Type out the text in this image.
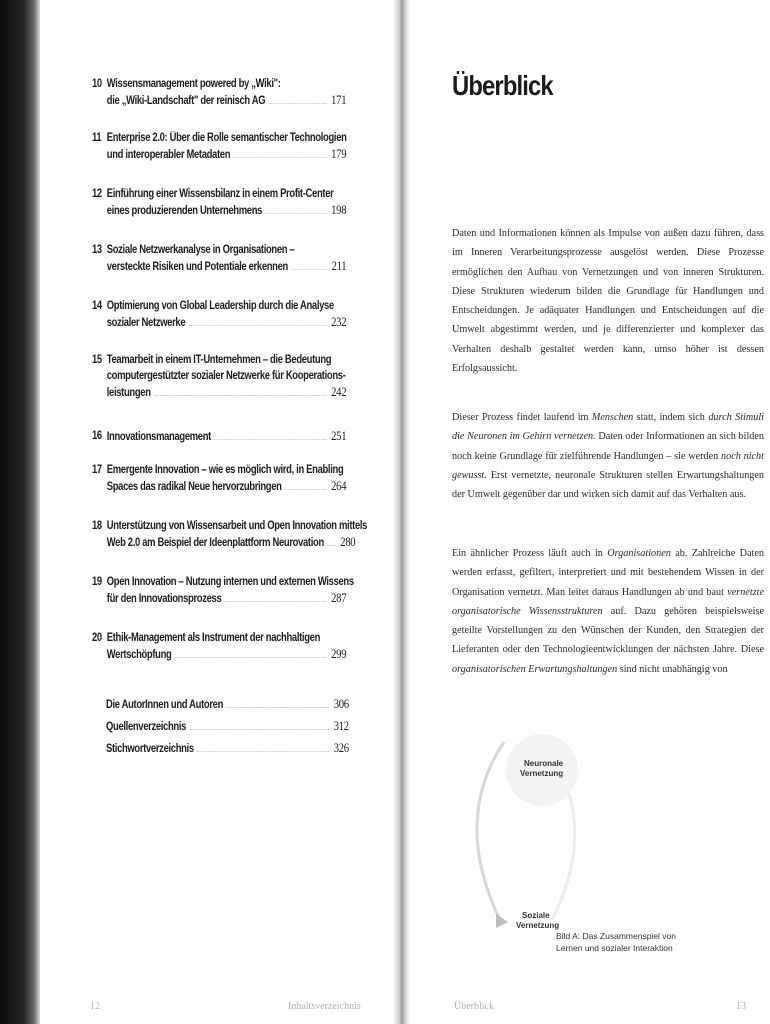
10 Wissensmanagement powered by „Wiki":
die „Wiki-Landschaft" der reinisch AG	171
11 Enterprise 2.0: Über die Rolle semantischer Technologien
und interoperabler Metadaten	179
12 Einführung einer Wissensbilanz in einem Profit-Center
eines produzierenden Unternehmens	198
13 Soziale Netzwerkanalyse in Organisationen –
versteckte Risiken und Potentiale erkennen	211
14 Optimierung von Global Leadership durch die Analyse
sozialer Netzwerke	232
15 Teamarbeit in einem IT-Unternehmen – die Bedeutung
computergestützter sozialer Netzwerke für Kooperations-
leistungen	242
16 Innovationsmanagement	251
17 Emergente Innovation – wie es möglich wird, in Enabling
Spaces das radikal Neue hervorzubringen	264
18 Unterstützung von Wissensarbeit und Open Innovation mittels
Web 2.0 am Beispiel der Ideenplattform Neurovation 280
19 Open Innovation – Nutzung internen und externen Wissens
für den Innovationsprozess	287
20 Ethik-Management als Instrument der nachhaltigen
Wertschöpfung	299
Die AutorInnen und Autoren	306
Quellenverzeichnis	312
Stichwortverzeichnis	326
12	Inhaltsverzeichnis
Überblick

Daten und Informationen können als Impulse von außen dazu führen, dass im Inneren Verarbeitungsprozesse ausgelöst werden. Diese Prozesse ermöglichen den Aufbau von Vernetzungen und von inneren Strukturen. Diese Strukturen wiederum bilden die Grundlage für Handlungen und Entscheidungen. Je adäquater Handlungen und Entscheidungen auf die Umwelt abgestimmt werden, und je differenzierter und komplexer das Verhalten deshalb gestaltet werden kann, umso höher ist dessen Erfolgsaussicht.

Dieser Prozess findet laufend im Menschen statt, indem sich durch Stimuli die Neuronen im Gehirn vernetzen. Daten oder Informationen an sich bilden noch keine Grundlage für zielführende Handlungen – sie werden noch nicht gewusst. Erst vernetzte, neuronale Strukturen stellen Erwartungshaltungen der Umwelt gegenüber dar und wirken sich damit auf das Verhalten aus.

Ein ähnlicher Prozess läuft auch in Organisationen ab. Zahlreiche Daten werden erfasst, gefiltert, interpretiert und mit bestehendem Wissen in der Organisation vernetzt. Man leitet daraus Handlungen ab und baut vernetzte organisatorische Wissensstrukturen auf. Dazu gehören beispielsweise geteilte Vorstellungen zu den Wünschen der Kunden, den Strategien der Lieferanten oder den Technologieentwicklungen der nächsten Jahre. Diese organisatorischen Erwartungshaltungen sind nicht unabhängig von

Neuronale
Vernetzung
Soziale
Vernetzung
Bild A: Das Zusammenspiel von
Lernen und sozialer Interaktion
Überblick	13
